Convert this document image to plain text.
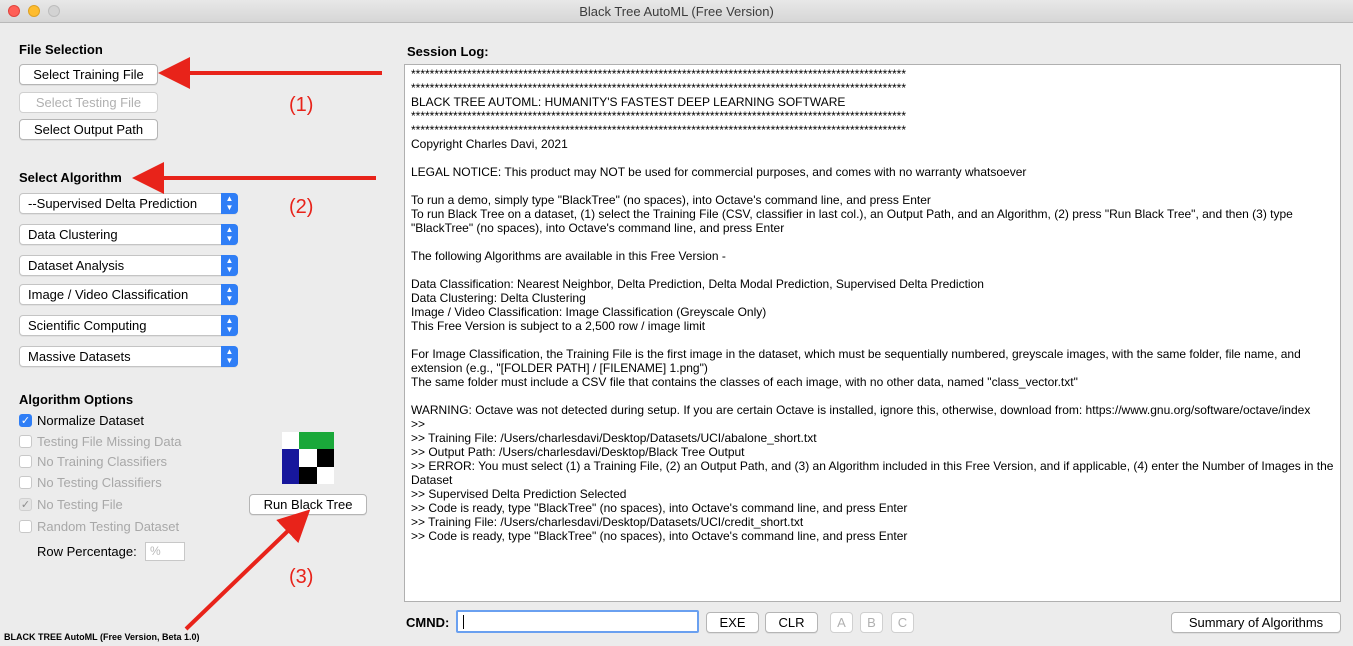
Black Tree AutoML (Free Version)
File Selection
Select Training File
Select Testing File
Select Output Path
Select Algorithm
--Supervised Delta Prediction	▲
▼
Data Clustering	▲
▼
Dataset Analysis	▲
▼
Image / Video Classification	▲
▼
Scientific Computing	▲
▼
Massive Datasets	▲
▼
Algorithm Options
✓ Normalize Dataset
Testing File Missing Data
No Training Classifiers
No Testing Classifiers
✓ No Testing File
Random Testing Dataset
Row Percentage:	%
Run Black Tree
(1)
(2)
(3)
BLACK TREE AutoML (Free Version, Beta 1.0)
Session Log:
**********************************************************************************************************
**********************************************************************************************************
BLACK TREE AUTOML: HUMANITY'S FASTEST DEEP LEARNING SOFTWARE
**********************************************************************************************************
**********************************************************************************************************
Copyright Charles Davi, 2021
LEGAL NOTICE: This product may NOT be used for commercial purposes, and comes with no warranty whatsoever
To run a demo, simply type "BlackTree" (no spaces), into Octave's command line, and press Enter
To run Black Tree on a dataset, (1) select the Training File (CSV, classifier in last col.), an Output Path, and an Algorithm, (2) press "Run Black Tree", and then (3) type "BlackTree" (no spaces), into Octave's command line, and press Enter
The following Algorithms are available in this Free Version -
Data Classification: Nearest Neighbor, Delta Prediction, Delta Modal Prediction, Supervised Delta Prediction
Data Clustering: Delta Clustering
Image / Video Classification: Image Classification (Greyscale Only)
This Free Version is subject to a 2,500 row / image limit
For Image Classification, the Training File is the first image in the dataset, which must be sequentially numbered, greyscale images, with the same folder, file name, and extension (e.g., "[FOLDER PATH] / [FILENAME] 1.png")
The same folder must include a CSV file that contains the classes of each image, with no other data, named "class_vector.txt"
WARNING: Octave was not detected during setup. If you are certain Octave is installed, ignore this, otherwise, download from: https://www.gnu.org/software/octave/index
>>
>> Training File: /Users/charlesdavi/Desktop/Datasets/UCI/abalone_short.txt
>> Output Path: /Users/charlesdavi/Desktop/Black Tree Output
>> ERROR: You must select (1) a Training File, (2) an Output Path, and (3) an Algorithm included in this Free Version, and if applicable, (4) enter the Number of Images in the Dataset
>> Supervised Delta Prediction Selected
>> Code is ready, type "BlackTree" (no spaces), into Octave's command line, and press Enter
>> Training File: /Users/charlesdavi/Desktop/Datasets/UCI/credit_short.txt
>> Code is ready, type "BlackTree" (no spaces), into Octave's command line, and press Enter
CMND:	EXE	CLR	A	B	C	Summary of Algorithms
